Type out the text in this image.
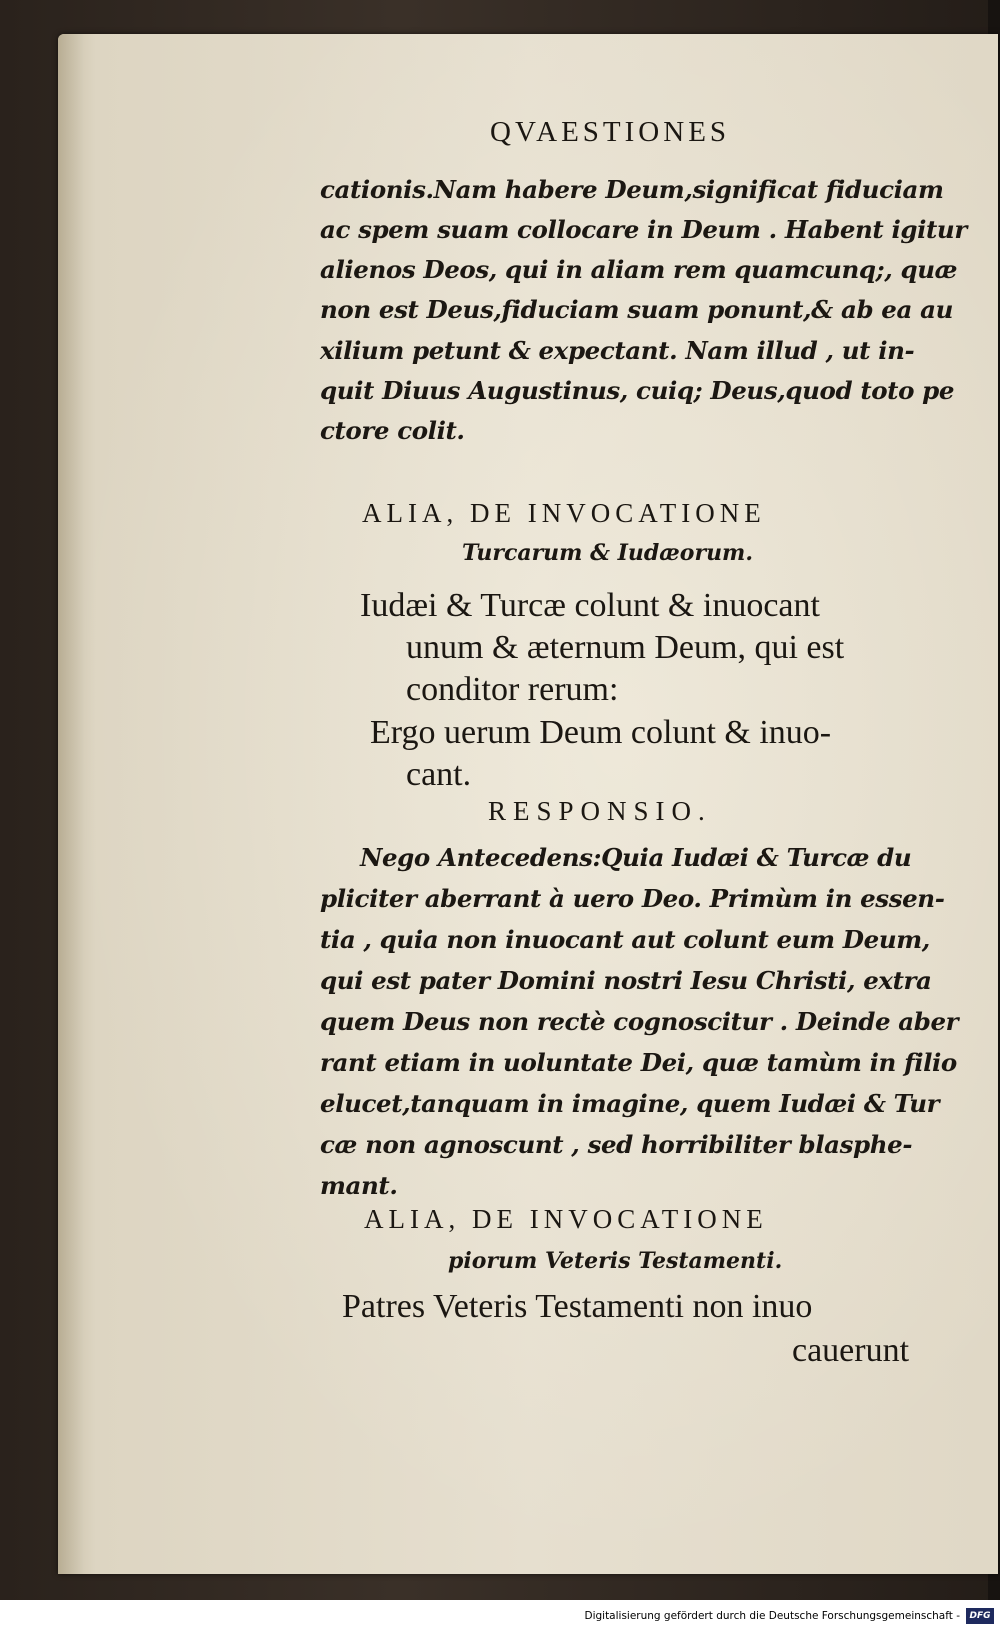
QVAESTIONES
cationis.Nam habere Deum,significat fiduciam
ac spem suam collocare in Deum . Habent igitur
alienos Deos, qui in aliam rem quamcunq;, quæ
non est Deus,fiduciam suam ponunt,& ab ea au
xilium petunt & expectant. Nam illud , ut in-
quit Diuus Augustinus, cuiq; Deus,quod toto pe
ctore colit.
ALIA, DE INVOCATIONE
Turcarum & Iudæorum.
Iudæi & Turcæ colunt & inuocant
unum & æternum Deum, qui est
conditor rerum:
Ergo uerum Deum colunt & inuo-
cant.
RESPONSIO.
Nego Antecedens:Quia Iudæi & Turcæ du
pliciter aberrant à uero Deo. Primùm in essen-
tia , quia non inuocant aut colunt eum Deum,
qui est pater Domini nostri Iesu Christi, extra
quem Deus non rectè cognoscitur . Deinde aber
rant etiam in uoluntate Dei, quæ tamùm in filio
elucet,tanquam in imagine, quem Iudæi & Tur
cæ non agnoscunt , sed horribiliter blasphe-
mant.
ALIA, DE INVOCATIONE
piorum Veteris Testamenti.
Patres Veteris Testamenti non inuo
cauerunt
Digitalisierung gefördert durch die Deutsche Forschungsgemeinschaft -	DFG
